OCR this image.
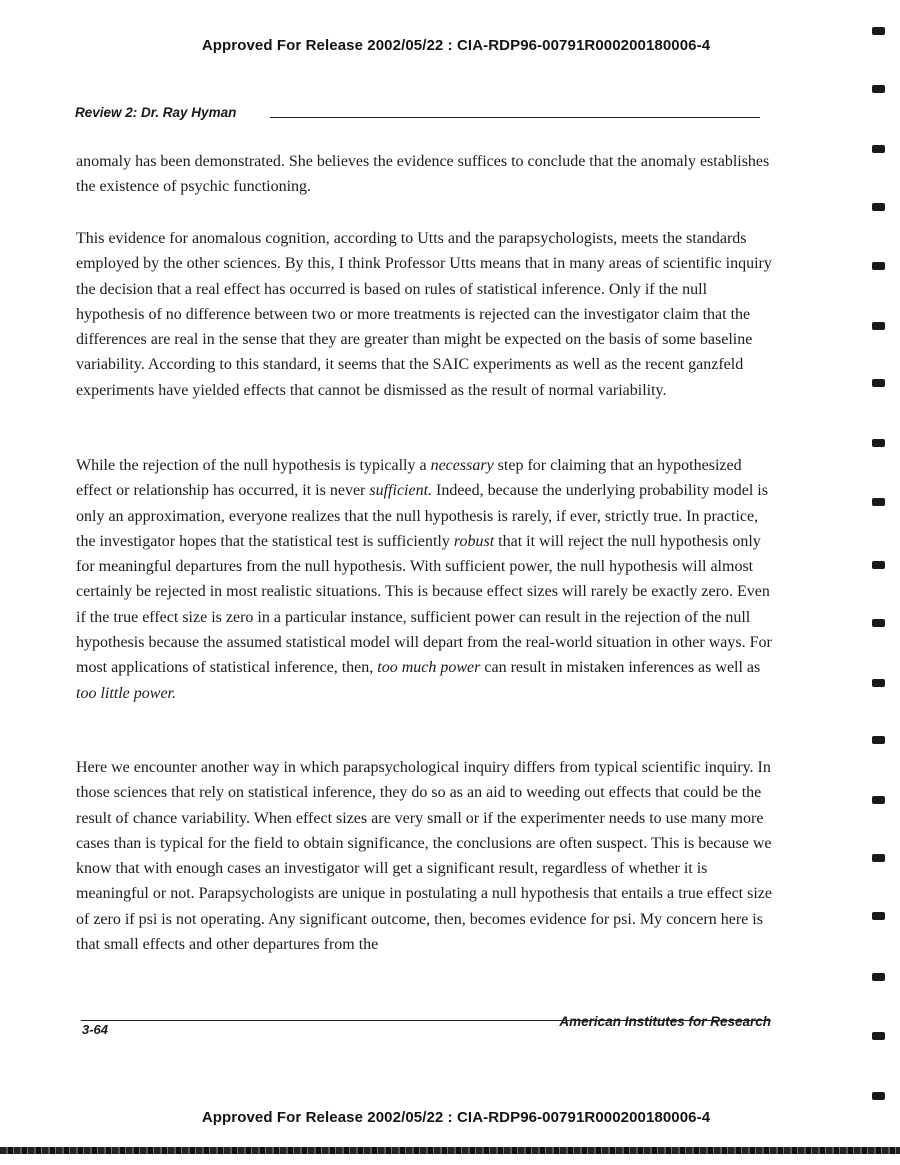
Approved For Release 2002/05/22 : CIA-RDP96-00791R000200180006-4
Review 2: Dr. Ray Hyman

anomaly has been demonstrated. She believes the evidence suffices to conclude that the anomaly establishes the existence of psychic functioning.

This evidence for anomalous cognition, according to Utts and the parapsychologists, meets the standards employed by the other sciences. By this, I think Professor Utts means that in many areas of scientific inquiry the decision that a real effect has occurred is based on rules of statistical inference. Only if the null hypothesis of no difference between two or more treatments is rejected can the investigator claim that the differences are real in the sense that they are greater than might be expected on the basis of some baseline variability. According to this standard, it seems that the SAIC experiments as well as the recent ganzfeld experiments have yielded effects that cannot be dismissed as the result of normal variability.

While the rejection of the null hypothesis is typically a necessary step for claiming that an hypothesized effect or relationship has occurred, it is never sufficient. Indeed, because the underlying probability model is only an approximation, everyone realizes that the null hypothesis is rarely, if ever, strictly true. In practice, the investigator hopes that the statistical test is sufficiently robust that it will reject the null hypothesis only for meaningful departures from the null hypothesis. With sufficient power, the null hypothesis will almost certainly be rejected in most realistic situations. This is because effect sizes will rarely be exactly zero. Even if the true effect size is zero in a particular instance, sufficient power can result in the rejection of the null hypothesis because the assumed statistical model will depart from the real-world situation in other ways. For most applications of statistical inference, then, too much power can result in mistaken inferences as well as too little power.

Here we encounter another way in which parapsychological inquiry differs from typical scientific inquiry. In those sciences that rely on statistical inference, they do so as an aid to weeding out effects that could be the result of chance variability. When effect sizes are very small or if the experimenter needs to use many more cases than is typical for the field to obtain significance, the conclusions are often suspect. This is because we know that with enough cases an investigator will get a significant result, regardless of whether it is meaningful or not. Parapsychologists are unique in postulating a null hypothesis that entails a true effect size of zero if psi is not operating. Any significant outcome, then, becomes evidence for psi. My concern here is that small effects and other departures from the

American Institutes for Research
3-64
Approved For Release 2002/05/22 : CIA-RDP96-00791R000200180006-4
